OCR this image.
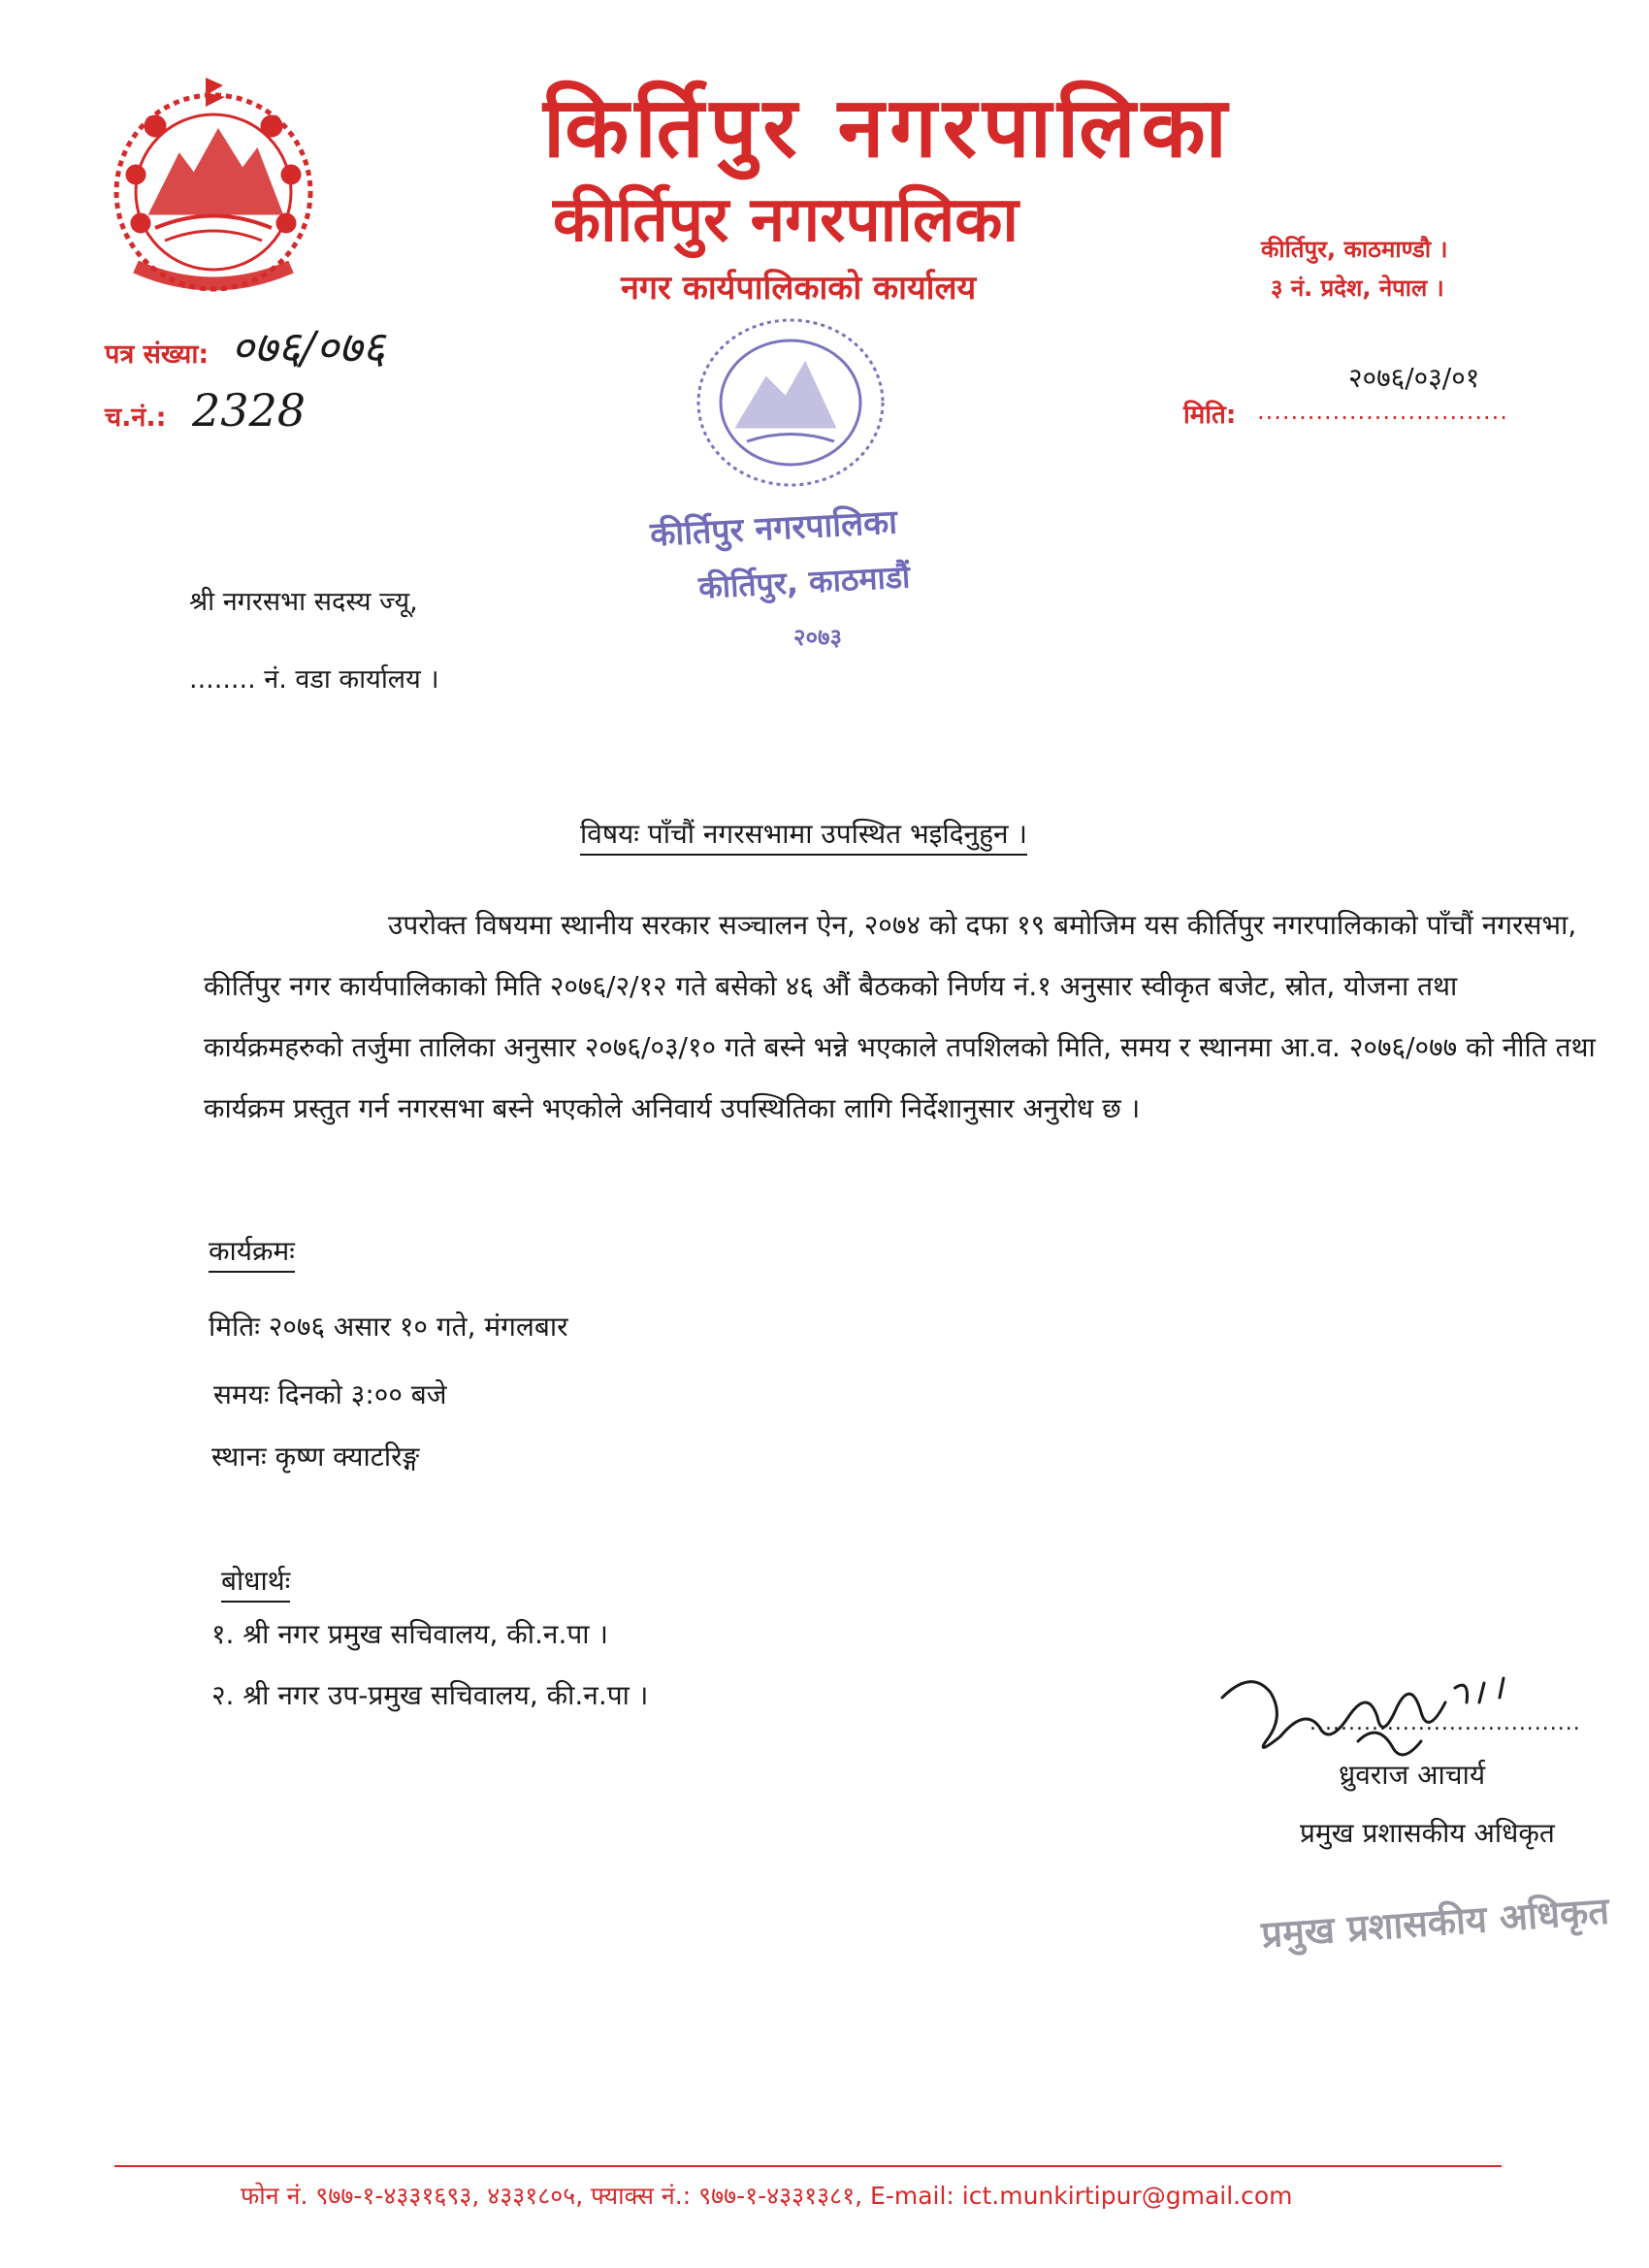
किर्तिपुर नगरपालिका
कीर्तिपुर नगरपालिका
नगर कार्यपालिकाको कार्यालय
कीर्तिपुर, काठमाण्डौ ।
३ नं. प्रदेश, नेपाल ।
पत्र संख्या: ०७६/०७६
च.नं.: 2328
२०७६/०३/०१
मिति: ..............................
कीर्तिपुर नगरपालिका
कीर्तिपुर, काठमाडौं
२०७३
श्री नगरसभा सदस्य ज्यू,
........ नं. वडा कार्यालय ।
विषयः पाँचौं नगरसभामा उपस्थित भइदिनुहुन ।
उपरोक्त विषयमा स्थानीय सरकार सञ्चालन ऐन, २०७४ को दफा १९ बमोजिम यस कीर्तिपुर नगरपालिकाको पाँचौं नगरसभा, कीर्तिपुर नगर कार्यपालिकाको मिति २०७६/२/१२ गते बसेको ४६ औं बैठकको निर्णय नं.१ अनुसार स्वीकृत बजेट, स्रोत, योजना तथा कार्यक्रमहरुको तर्जुमा तालिका अनुसार २०७६/०३/१० गते बस्ने भन्ने भएकाले तपशिलको मिति, समय र स्थानमा आ.व. २०७६/०७७ को नीति तथा कार्यक्रम प्रस्तुत गर्न नगरसभा बस्ने भएकोले अनिवार्य उपस्थितिका लागि निर्देशानुसार अनुरोध छ ।
कार्यक्रमः
मितिः २०७६ असार १० गते, मंगलबार
समयः दिनको ३:०० बजे
स्थानः कृष्ण क्याटरिङ्ग
बोधार्थः
१. श्री नगर प्रमुख सचिवालय, की.न.पा ।
२. श्री नगर उप-प्रमुख सचिवालय, की.न.पा ।
...................................
ध्रुवराज आचार्य
प्रमुख प्रशासकीय अधिकृत
प्रमुख प्रशासकीय अधिकृत
फोन नं. ९७७-१-४३३१६९३, ४३३१८०५, फ्याक्स नं.: ९७७-१-४३३१३८१, E-mail: ict.munkirtipur@gmail.com
